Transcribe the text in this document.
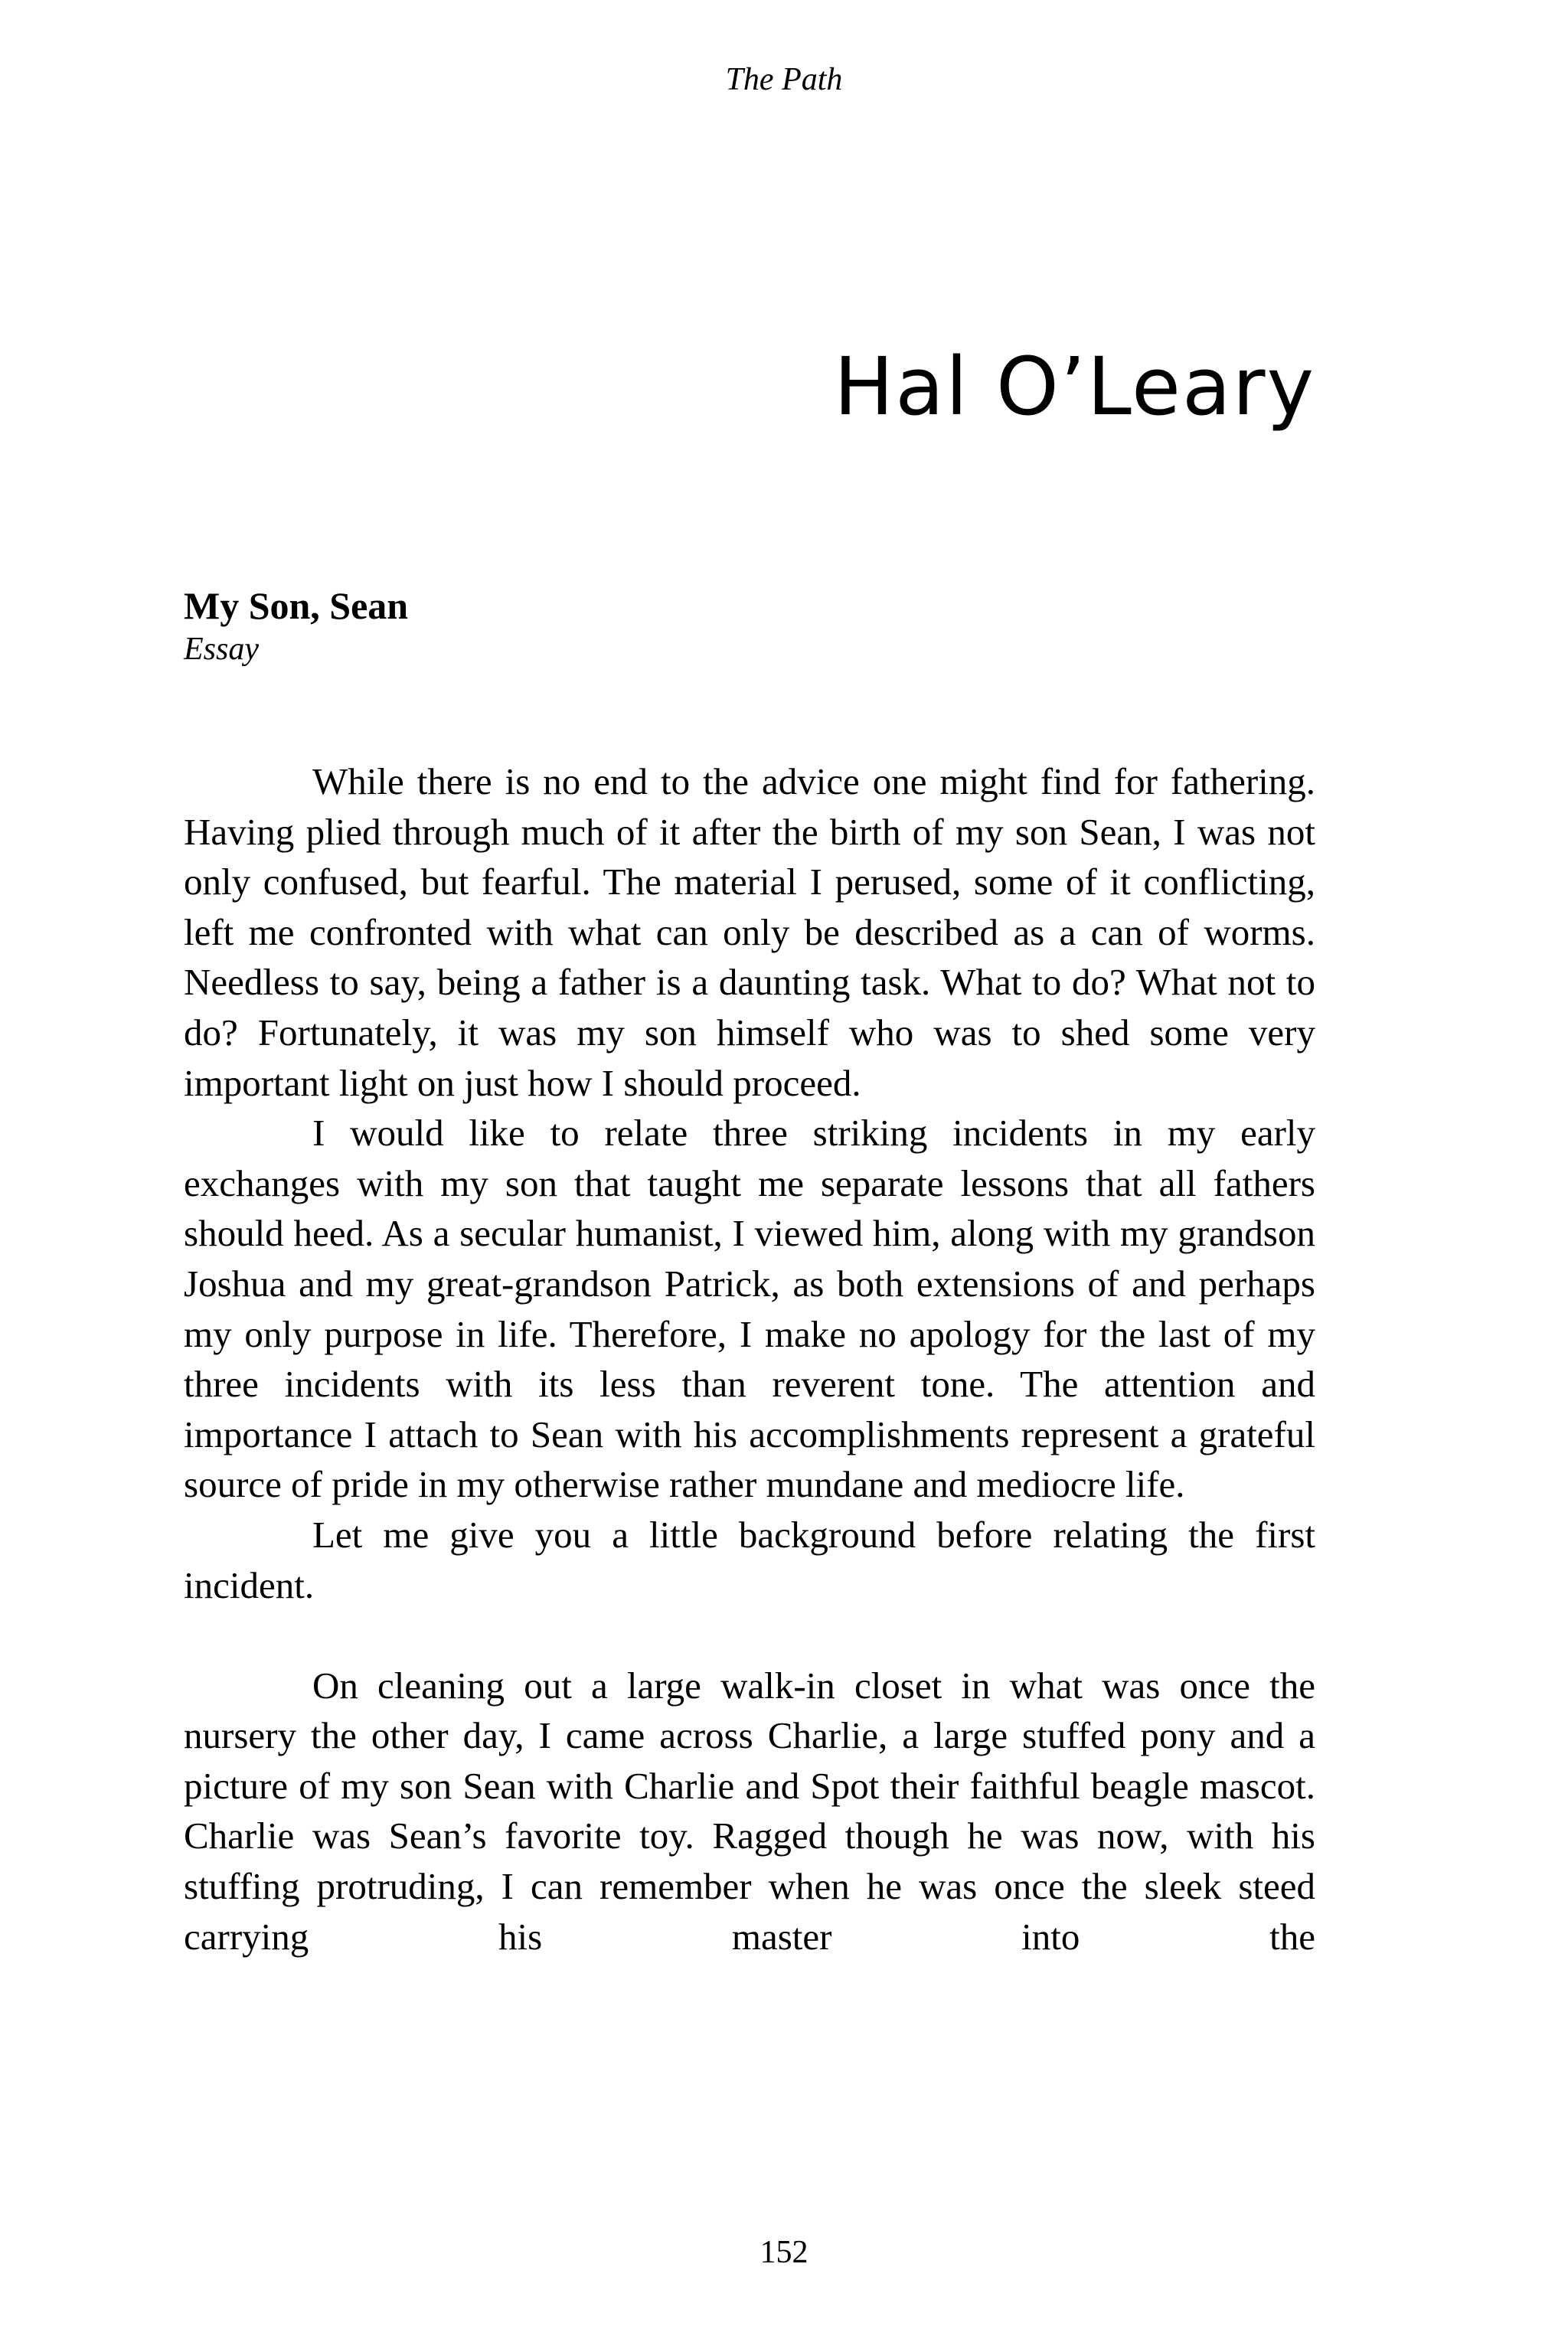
The Path
Hal O’Leary

My Son, Sean

Essay

While there is no end to the advice one might find for fathering. Having plied through much of it after the birth of my son Sean, I was not only confused, but fearful. The material I perused, some of it conflicting, left me confronted with what can only be described as a can of worms. Needless to say, being a father is a daunting task. What to do? What not to do? Fortunately, it was my son himself who was to shed some very important light on just how I should proceed.

I would like to relate three striking incidents in my early exchanges with my son that taught me separate lessons that all fathers should heed. As a secular humanist, I viewed him, along with my grandson Joshua and my great-grandson Patrick, as both extensions of and perhaps my only purpose in life. Therefore, I make no apology for the last of my three incidents with its less than reverent tone. The attention and importance I attach to Sean with his accomplishments represent a grateful source of pride in my otherwise rather mundane and mediocre life.

Let me give you a little background before relating the first incident.

On cleaning out a large walk-in closet in what was once the nursery the other day, I came across Charlie, a large stuffed pony and a picture of my son Sean with Charlie and Spot their faithful beagle mascot. Charlie was Sean’s favorite toy. Ragged though he was now, with his stuffing protruding, I can remember when he was once the sleek steed carrying his master into the

152
